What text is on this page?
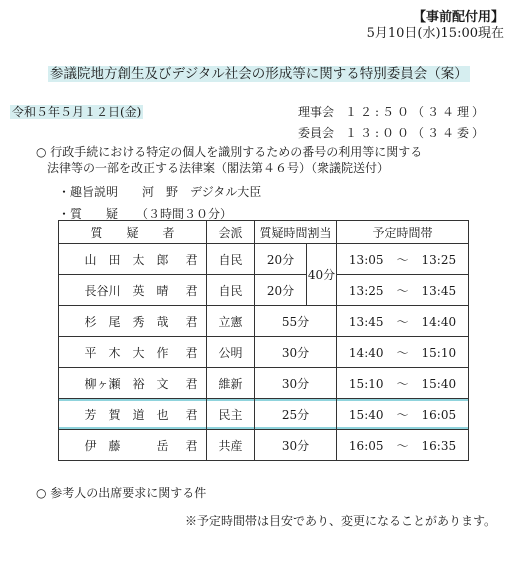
【事前配付用】
5月10日(水)15:00現在
参議院地方創生及びデジタル社会の形成等に関する特別委員会（案）
令和５年５月１２日(金)	理事会 １２:５０（３４理）
委員会 １３:００（３４委）
○ 行政手続における特定の個人を識別するための番号の利用等に関する
法律等の一部を改正する法律案（閣法第４６号）（衆議院送付）
・趣旨説明　　河　野　デジタル大臣
・質　　疑　　（３時間３０分）
質　　疑　　者	会派	質疑時間割当		予定時間帯
山　田　太　郎 君	自民	20分	40分	13:05 〜 13:25
長谷川　英　晴 君	自民	20分		13:25 〜 13:45
杉　尾　秀　哉 君	立憲	55分		13:45 〜 14:40
平　木　大　作 君	公明	30分		14:40 〜 15:10
柳ヶ瀬　裕　文 君	維新	30分		15:10 〜 15:40
芳　賀　道　也 君	民主	25分		15:40 〜 16:05
伊　藤　　　岳 君	共産	30分		16:05 〜 16:35
○ 参考人の出席要求に関する件
※予定時間帯は目安であり、変更になることがあります。
